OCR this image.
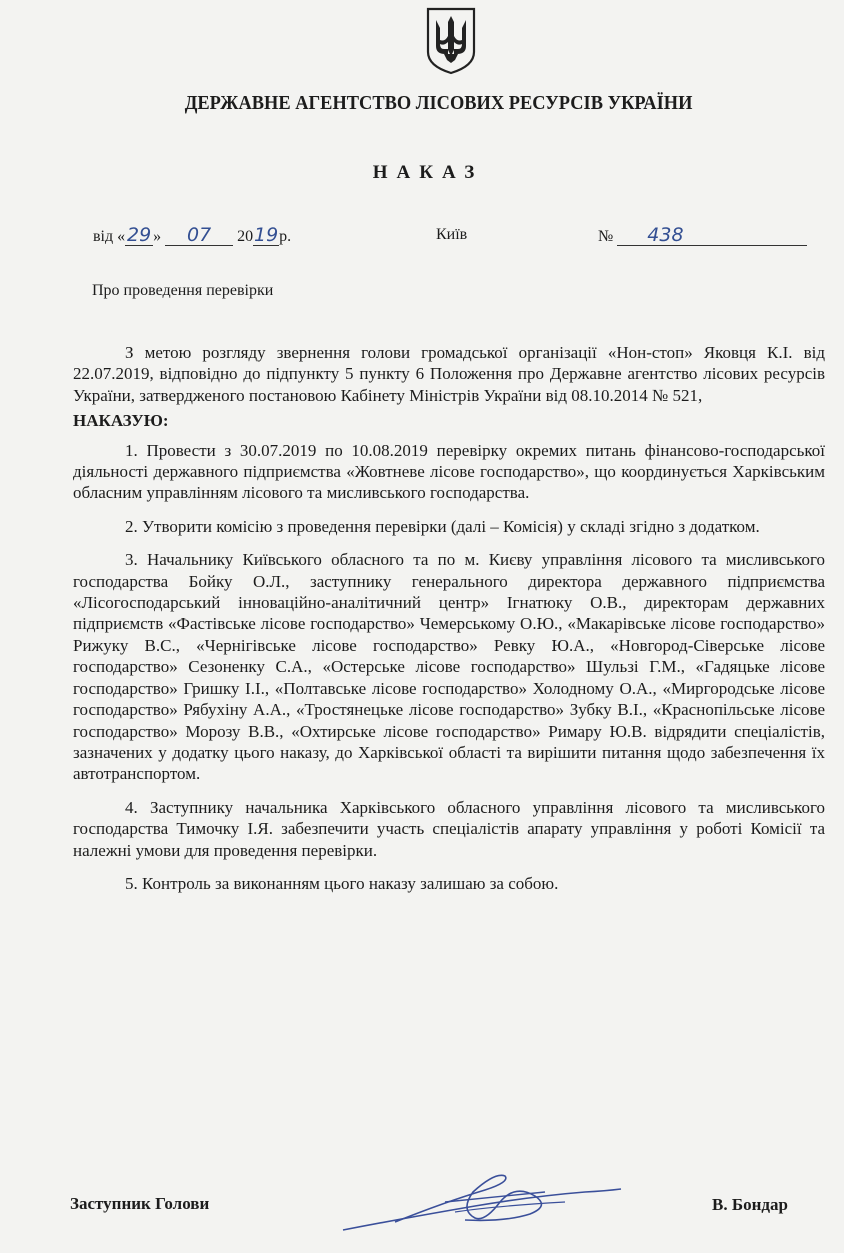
ДЕРЖАВНЕ АГЕНТСТВО ЛІСОВИХ РЕСУРСІВ УКРАЇНИ
НАКАЗ
від « 29 » 07 2019р.	Київ	№ 438
Про проведення перевірки

З метою розгляду звернення голови громадської організації «Нон-стоп» Яковця К.І. від 22.07.2019, відповідно до підпункту 5 пункту 6 Положення про Державне агентство лісових ресурсів України, затвердженого постановою Кабінету Міністрів України від 08.10.2014 № 521,

НАКАЗУЮ:

1. Провести з 30.07.2019 по 10.08.2019 перевірку окремих питань фінансово-господарської діяльності державного підприємства «Жовтневе лісове господарство», що координується Харківським обласним управлінням лісового та мисливського господарства.

2. Утворити комісію з проведення перевірки (далі – Комісія) у складі згідно з додатком.

3. Начальнику Київського обласного та по м. Києву управління лісового та мисливського господарства Бойку О.Л., заступнику генерального директора державного підприємства «Лісогосподарський інноваційно-аналітичний центр» Ігнатюку О.В., директорам державних підприємств «Фастівське лісове господарство» Чемерському О.Ю., «Макарівське лісове господарство» Рижуку В.С., «Чернігівське лісове господарство» Ревку Ю.А., «Новгород-Сіверське лісове господарство» Сезоненку С.А., «Остерське лісове господарство» Шульзі Г.М., «Гадяцьке лісове господарство» Гришку І.І., «Полтавське лісове господарство» Холодному О.А., «Миргородське лісове господарство» Рябухіну А.А., «Тростянецьке лісове господарство» Зубку В.І., «Краснопільське лісове господарство» Морозу В.В., «Охтирське лісове господарство» Римару Ю.В. відрядити спеціалістів, зазначених у додатку цього наказу, до Харківської області та вирішити питання щодо забезпечення їх автотранспортом.

4. Заступнику начальника Харківського обласного управління лісового та мисливського господарства Тимочку І.Я. забезпечити участь спеціалістів апарату управління у роботі Комісії та належні умови для проведення перевірки.

5. Контроль за виконанням цього наказу залишаю за собою.

Заступник Голови	В. Бондар
